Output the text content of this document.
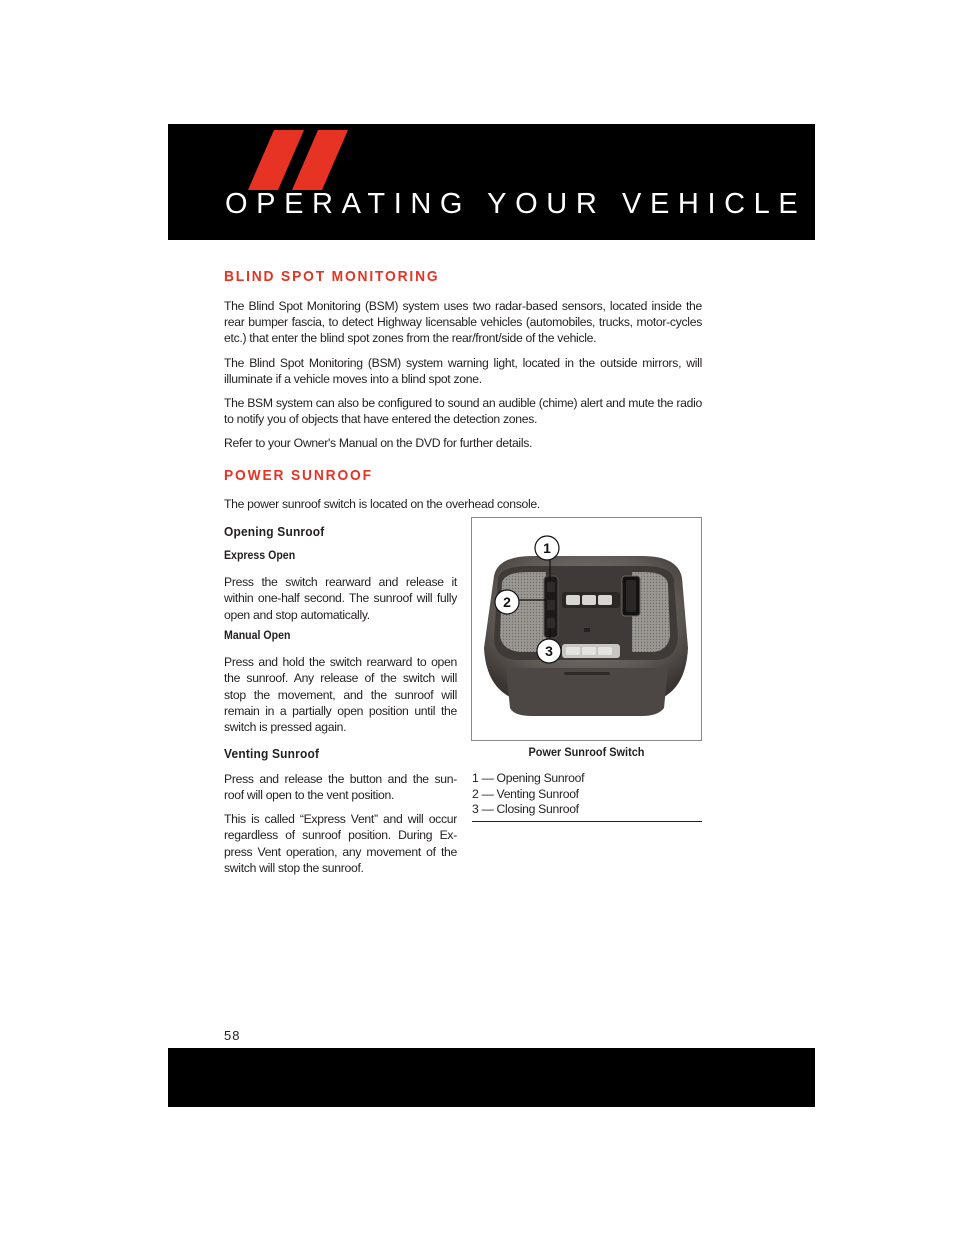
OPERATING YOUR VEHICLE
BLIND SPOT MONITORING

The Blind Spot Monitoring (BSM) system uses two radar-based sensors, located inside the rear bumper fascia, to detect Highway licensable vehicles (automobiles, trucks, motor-cycles etc.) that enter the blind spot zones from the rear/front/side of the vehicle.

The Blind Spot Monitoring (BSM) system warning light, located in the outside mirrors, will illuminate if a vehicle moves into a blind spot zone.

The BSM system can also be configured to sound an audible (chime) alert and mute the radio to notify you of objects that have entered the detection zones.

Refer to your Owner's Manual on the DVD for further details.

POWER SUNROOF

The power sunroof switch is located on the overhead console.

Opening Sunroof
Express Open

Press the switch rearward and release it within one-half second. The sunroof will fully open and stop automatically.

Manual Open

Press and hold the switch rearward to open the sunroof. Any release of the switch will stop the movement, and the sunroof will remain in a partially open position until the switch is pressed again.

Venting Sunroof

Press and release the button and the sun-roof will open to the vent position.

This is called “Express Vent” and will occur regardless of sunroof position. During Ex-press Vent operation, any movement of the switch will stop the sunroof.

1
2
3
Power Sunroof Switch
1 — Opening Sunroof
2 — Venting Sunroof
3 — Closing Sunroof
58
